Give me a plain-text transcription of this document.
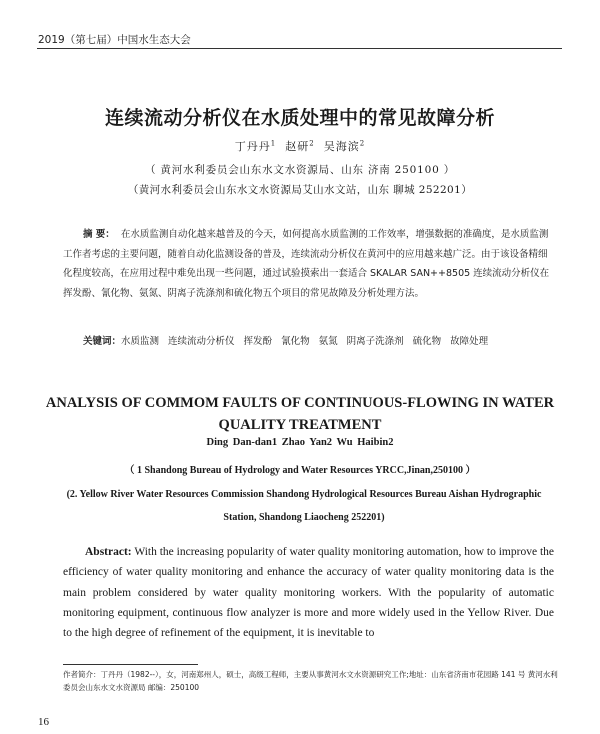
2019（第七届）中国水生态大会
连续流动分析仪在水质处理中的常见故障分析
丁丹丹$^1$ 赵研$^2$ 吴海滨$^2$
（ 黄河水利委员会山东水文水资源局、山东 济南 250100 ）
（黄河水利委员会山东水文水资源局艾山水文站，山东 聊城 252201）
摘 要： 在水质监测自动化越来越普及的今天，如何提高水质监测的工作效率，增强数据的准确度，是水质监测工作者考虑的主要问题，随着自动化监测设备的普及，连续流动分析仪在黄河中的应用越来越广泛。由于该设备精细化程度较高，在应用过程中难免出现一些问题，通过试验摸索出一套适合 SKALAR SAN++8505 连续流动分析仪在挥发酚、氰化物、氨氮、阴离子洗涤剂和硫化物五个项目的常见故障及分析处理方法。
关键词：水质监测 连续流动分析仪 挥发酚 氰化物 氨氮 阴离子洗涤剂 硫化物 故障处理
ANALYSIS OF COMMOM FAULTS OF CONTINUOUS-FLOWING IN WATER QUALITY TREATMENT
Ding Dan-dan1 Zhao Yan2 Wu Haibin2
（ 1 Shandong Bureau of Hydrology and Water Resources YRCC,Jinan,250100 ）
(2. Yellow River Water Resources Commission Shandong Hydrological Resources Bureau Aishan Hydrographic Station, Shandong Liaocheng 252201)
Abstract: With the increasing popularity of water quality monitoring automation, how to improve the efficiency of water quality monitoring and enhance the accuracy of water quality monitoring data is the main problem considered by water quality monitoring workers. With the popularity of automatic monitoring equipment, continuous flow analyzer is more and more widely used in the Yellow River. Due to the high degree of refinement of the equipment, it is inevitable to
作者简介：丁丹丹（1982--），女，河南郑州人，硕士，高级工程师，主要从事黄河水文水资源研究工作;地址：山东省济南市花园路 141 号 黄河水利委员会山东水文水资源局 邮编：250100
16
